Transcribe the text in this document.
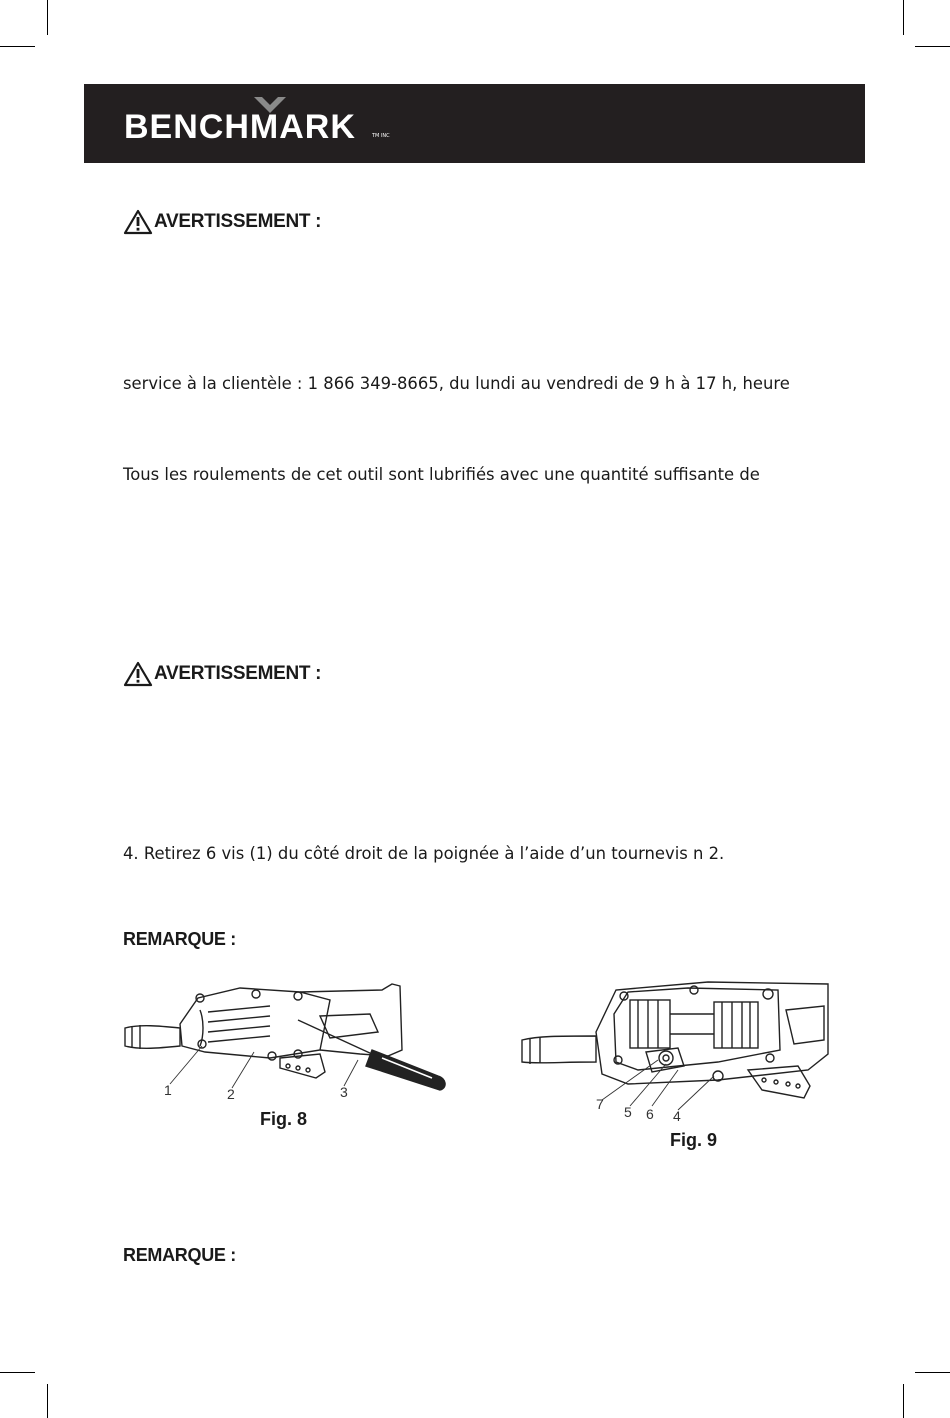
BENCHMARK	TM INC
AVERTISSEMENT :
service à la clientèle : 1 866 349-8665, du lundi au vendredi de 9 h à 17 h, heure
Tous les roulements de cet outil sont lubrifiés avec une quantité suffisante de
AVERTISSEMENT :
4. Retirez 6 vis (1) du côté droit de la poignée à l’aide d’un tournevis n 2.
REMARQUE :
1	2	3
Fig. 8
7 5 6 4
Fig. 9
REMARQUE :
